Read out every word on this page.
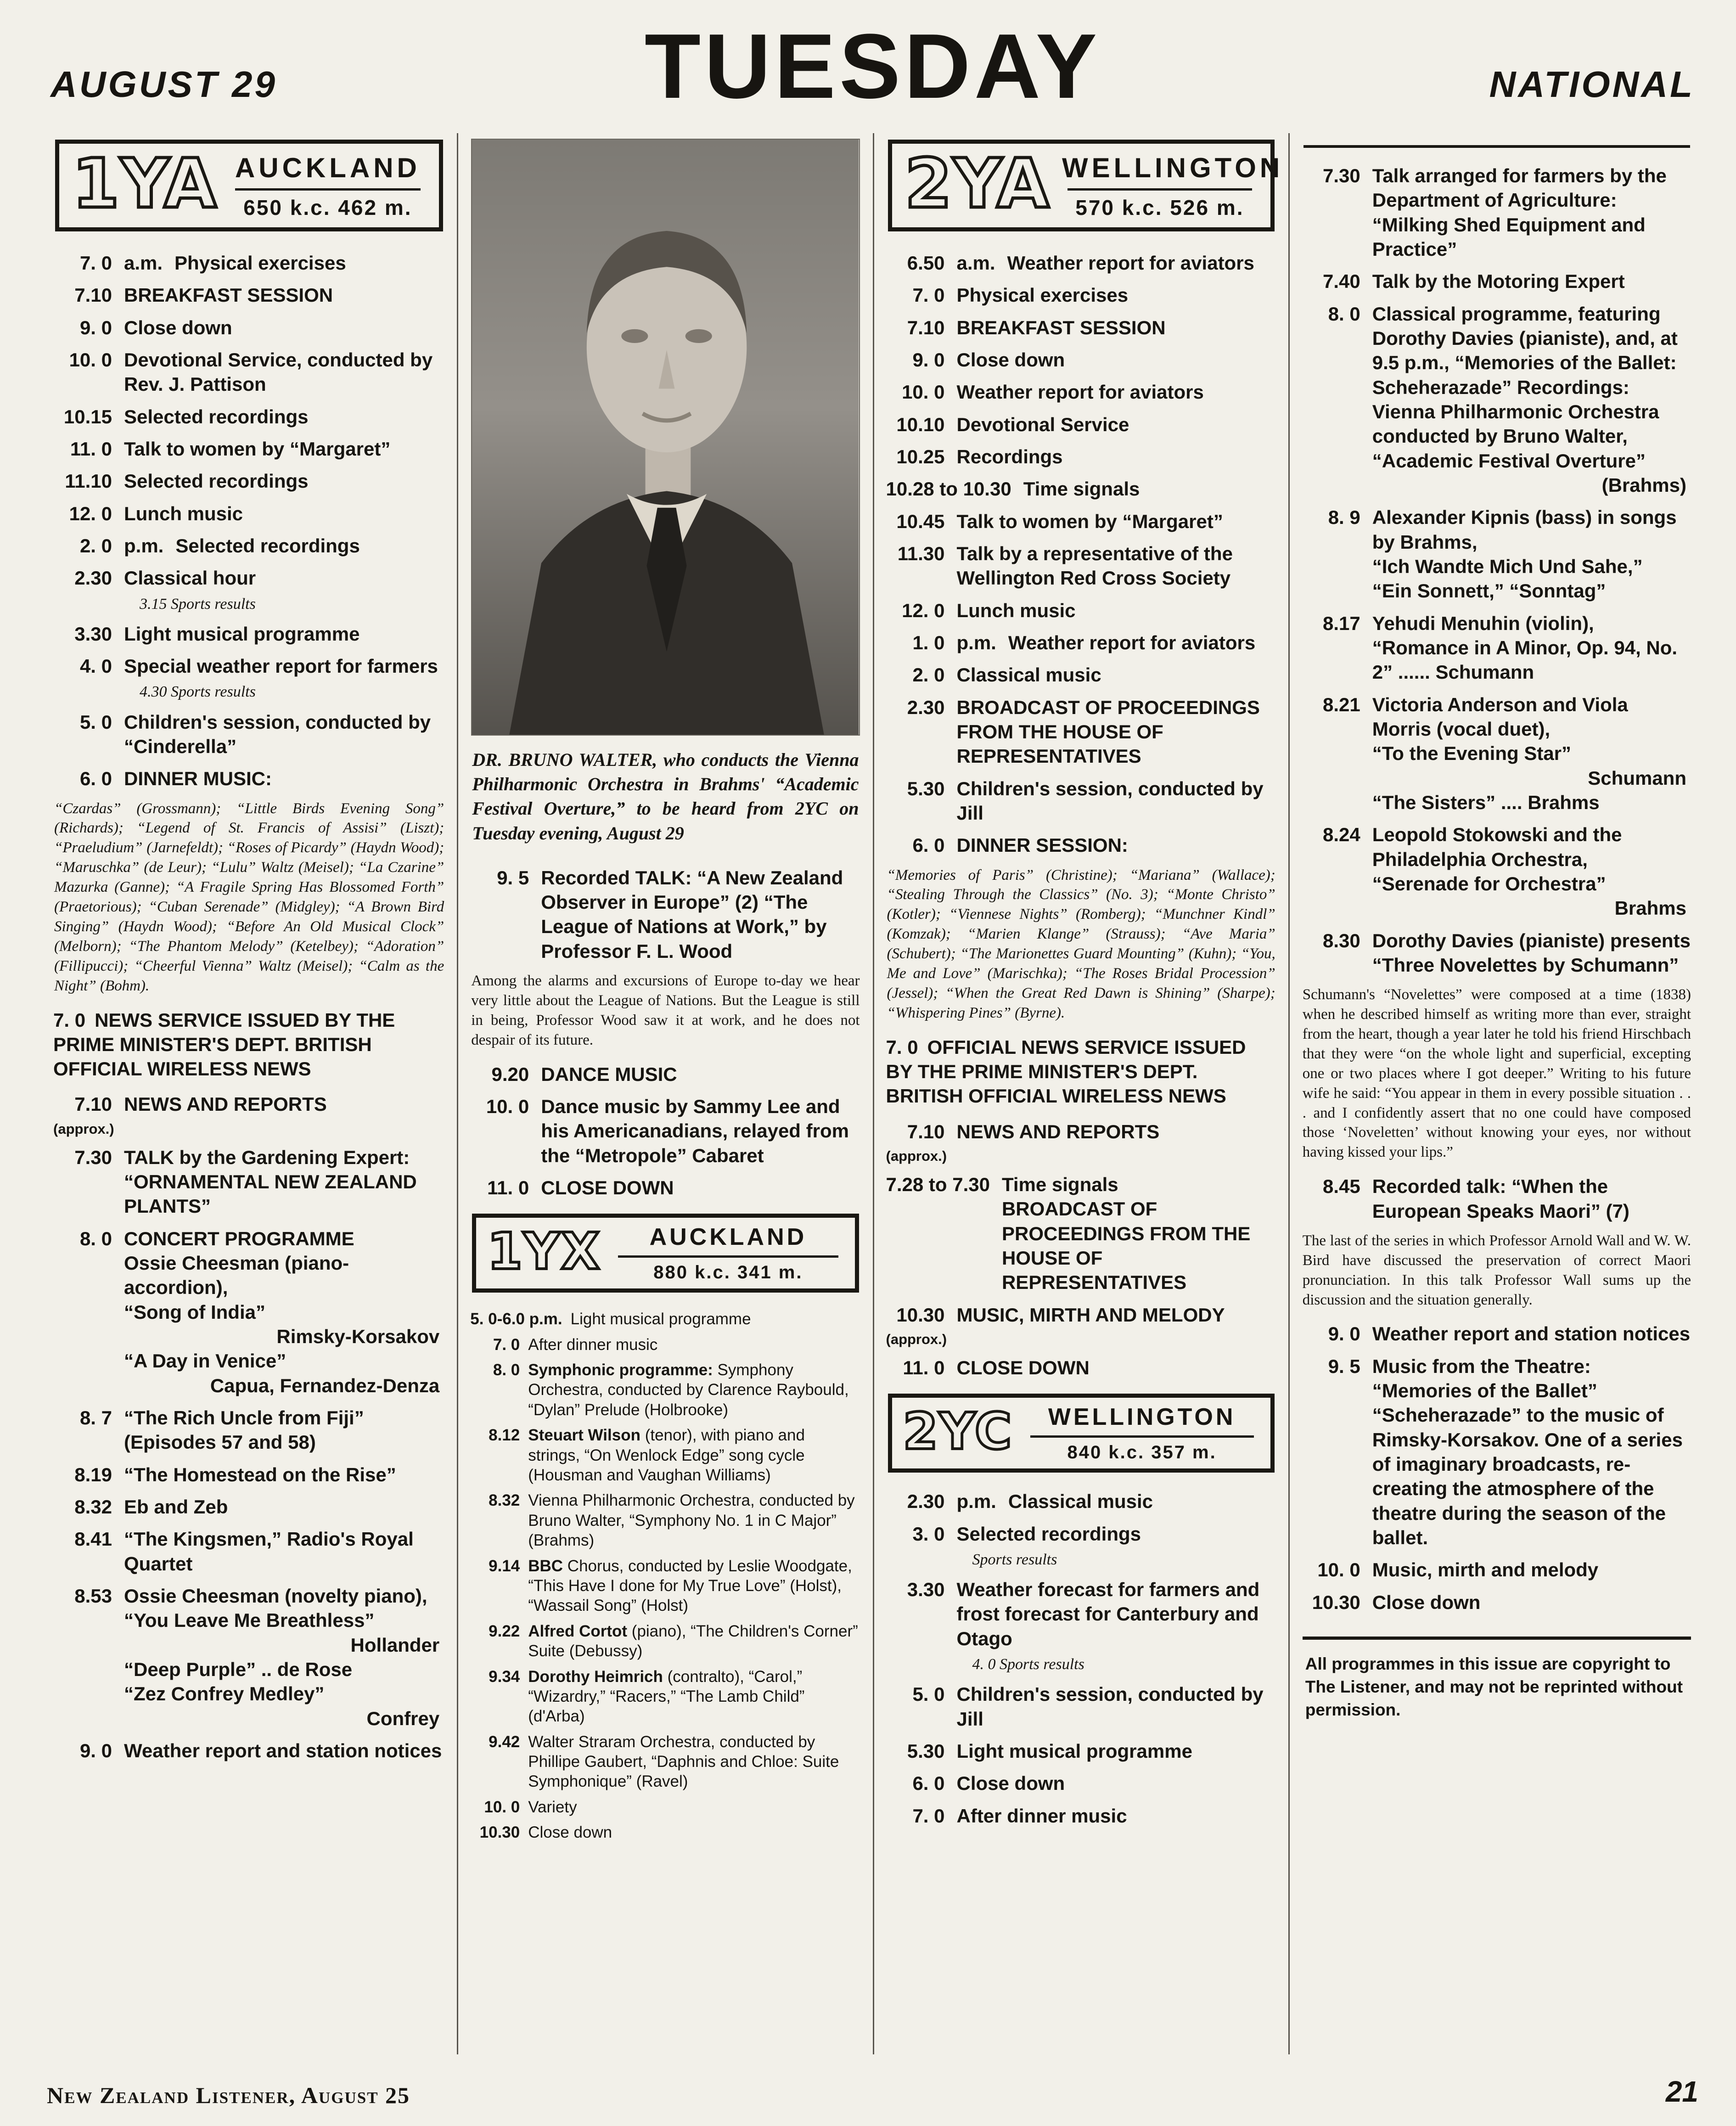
AUGUST 29	TUESDAY	NATIONAL
1YA AUCKLAND
650 k.c. 462 m.
7. 0 a.m. Physical exercises
7.10 BREAKFAST SESSION
9. 0 Close down
10. 0 Devotional Service, conducted by Rev. J. Pattison
10.15 Selected recordings
11. 0 Talk to women by “Margaret”
11.10 Selected recordings
12. 0 Lunch music
2. 0 p.m. Selected recordings
2.30 Classical hour
3.15 Sports results
3.30 Light musical programme
4. 0 Special weather report for farmers
4.30 Sports results
5. 0 Children's session, conducted by “Cinderella”
6. 0 DINNER MUSIC:
“Czardas” (Grossmann); “Little Birds Evening Song” (Richards); “Legend of St. Francis of Assisi” (Liszt); “Praeludium” (Jarnefeldt); “Roses of Picardy” (Haydn Wood); “Maruschka” (de Leur); “Lulu” Waltz (Meisel); “La Czarine” Mazurka (Ganne); “A Fragile Spring Has Blossomed Forth” (Praetorious); “Cuban Serenade” (Midgley); “A Brown Bird Singing” (Haydn Wood); “Before An Old Musical Clock” (Melborn); “The Phantom Melody” (Ketelbey); “Adoration” (Fillipucci); “Cheerful Vienna” Waltz (Meisel); “Calm as the Night” (Bohm).
7. 0 NEWS SERVICE ISSUED BY THE PRIME MINISTER'S DEPT. BRITISH OFFICIAL WIRELESS NEWS
7.10 NEWS AND REPORTS
(approx.)
7.30 TALK by the Gardening Expert: “ORNAMENTAL NEW ZEALAND PLANTS”
8. 0 CONCERT PROGRAMME
Ossie Cheesman (piano-accordion),
“Song of India”
Rimsky-Korsakov
“A Day in Venice”
Capua, Fernandez-Denza
8. 7 “The Rich Uncle from Fiji” (Episodes 57 and 58)
8.19 “The Homestead on the Rise”
8.32 Eb and Zeb
8.41 “The Kingsmen,” Radio's Royal Quartet
8.53 Ossie Cheesman (novelty piano),
“You Leave Me Breathless”
Hollander
“Deep Purple” .. de Rose
“Zez Confrey Medley”
Confrey
9. 0 Weather report and station notices
DR. BRUNO WALTER, who conducts the Vienna Philharmonic Orchestra in Brahms' “Academic Festival Overture,” to be heard from 2YC on Tuesday evening, August 29
9. 5 Recorded TALK: “A New Zealand Observer in Europe” (2) “The League of Nations at Work,” by Professor F. L. Wood
Among the alarms and excursions of Europe to-day we hear very little about the League of Nations. But the League is still in being, Professor Wood saw it at work, and he does not despair of its future.
9.20 DANCE MUSIC
10. 0 Dance music by Sammy Lee and his Americanadians, relayed from the “Metropole” Cabaret
11. 0 CLOSE DOWN
1YX	AUCKLAND
880 k.c. 341 m.
5. 0-6.0 p.m. Light musical programme
7. 0 After dinner music
8. 0 Symphonic programme: Symphony Orchestra, conducted by Clarence Raybould, “Dylan” Prelude (Holbrooke)
8.12 Steuart Wilson (tenor), with piano and strings, “On Wenlock Edge” song cycle (Housman and Vaughan Williams)
8.32 Vienna Philharmonic Orchestra, conducted by Bruno Walter, “Symphony No. 1 in C Major” (Brahms)
9.14 BBC Chorus, conducted by Leslie Woodgate, “This Have I done for My True Love” (Holst), “Wassail Song” (Holst)
9.22 Alfred Cortot (piano), “The Children's Corner” Suite (Debussy)
9.34 Dorothy Heimrich (contralto), “Carol,” “Wizardry,” “Racers,” “The Lamb Child” (d'Arba)
9.42 Walter Straram Orchestra, conducted by Phillipe Gaubert, “Daphnis and Chloe: Suite Symphonique” (Ravel)
10. 0 Variety
10.30 Close down
2YA WELLINGTON
570 k.c. 526 m.
6.50 a.m. Weather report for aviators
7. 0 Physical exercises
7.10 BREAKFAST SESSION
9. 0 Close down
10. 0 Weather report for aviators
10.10 Devotional Service
10.25 Recordings
10.28 to 10.30 Time signals
10.45 Talk to women by “Margaret”
11.30 Talk by a representative of the Wellington Red Cross Society
12. 0 Lunch music
1. 0 p.m. Weather report for aviators
2. 0 Classical music
2.30 BROADCAST OF PROCEEDINGS FROM THE HOUSE OF REPRESENTATIVES
5.30 Children's session, conducted by Jill
6. 0 DINNER SESSION:
“Memories of Paris” (Christine); “Mariana” (Wallace); “Stealing Through the Classics” (No. 3); “Monte Christo” (Kotler); “Viennese Nights” (Romberg); “Munchner Kindl” (Komzak); “Marien Klange” (Strauss); “Ave Maria” (Schubert); “The Marionettes Guard Mounting” (Kuhn); “You, Me and Love” (Marischka); “The Roses Bridal Procession” (Jessel); “When the Great Red Dawn is Shining” (Sharpe); “Whispering Pines” (Byrne).
7. 0 OFFICIAL NEWS SERVICE ISSUED BY THE PRIME MINISTER'S DEPT. BRITISH OFFICIAL WIRELESS NEWS
7.10 NEWS AND REPORTS
(approx.)
7.28 to 7.30 Time signals
BROADCAST OF PROCEEDINGS FROM THE HOUSE OF REPRESENTATIVES
10.30 MUSIC, MIRTH AND MELODY
(approx.)
11. 0 CLOSE DOWN
2YC	WELLINGTON
840 k.c. 357 m.
2.30 p.m. Classical music
3. 0 Selected recordings
Sports results
3.30 Weather forecast for farmers and frost forecast for Canterbury and Otago
4. 0 Sports results
5. 0 Children's session, conducted by Jill
5.30 Light musical programme
6. 0 Close down
7. 0 After dinner music
7.30 Talk arranged for farmers by the Department of Agriculture: “Milking Shed Equipment and Practice”
7.40 Talk by the Motoring Expert
8. 0 Classical programme, featuring Dorothy Davies (pianiste), and, at 9.5 p.m., “Memories of the Ballet: Scheherazade” Recordings:
Vienna Philharmonic Orchestra conducted by Bruno Walter, “Academic Festival Overture”
(Brahms)
8. 9 Alexander Kipnis (bass) in songs by Brahms,
“Ich Wandte Mich Und Sahe,”
“Ein Sonnett,” “Sonntag”
8.17 Yehudi Menuhin (violin), “Romance in A Minor, Op. 94, No. 2” ...... Schumann
8.21 Victoria Anderson and Viola Morris (vocal duet),
“To the Evening Star”
Schumann
“The Sisters” .... Brahms
8.24 Leopold Stokowski and the Philadelphia Orchestra,
“Serenade for Orchestra”
Brahms
8.30 Dorothy Davies (pianiste) presents
“Three Novelettes by Schumann”
Schumann's “Novelettes” were composed at a time (1838) when he described himself as writing more than ever, straight from the heart, though a year later he told his friend Hirschbach that they were “on the whole light and superficial, excepting one or two places where I got deeper.” Writing to his future wife he said: “You appear in them in every possible situation . . . and I confidently assert that no one could have composed those ‘Noveletten’ without knowing your eyes, nor without having kissed your lips.”
8.45 Recorded talk: “When the European Speaks Maori” (7)
The last of the series in which Professor Arnold Wall and W. W. Bird have discussed the preservation of correct Maori pronunciation. In this talk Professor Wall sums up the discussion and the situation generally.
9. 0 Weather report and station notices
9. 5 Music from the Theatre:
“Memories of the Ballet”
“Scheherazade” to the music of Rimsky-Korsakov. One of a series of imaginary broadcasts, re-creating the atmosphere of the theatre during the season of the ballet.
10. 0 Music, mirth and melody
10.30 Close down
All programmes in this issue are copyright to The Listener, and may not be reprinted without permission.
New Zealand Listener, August 25	21
